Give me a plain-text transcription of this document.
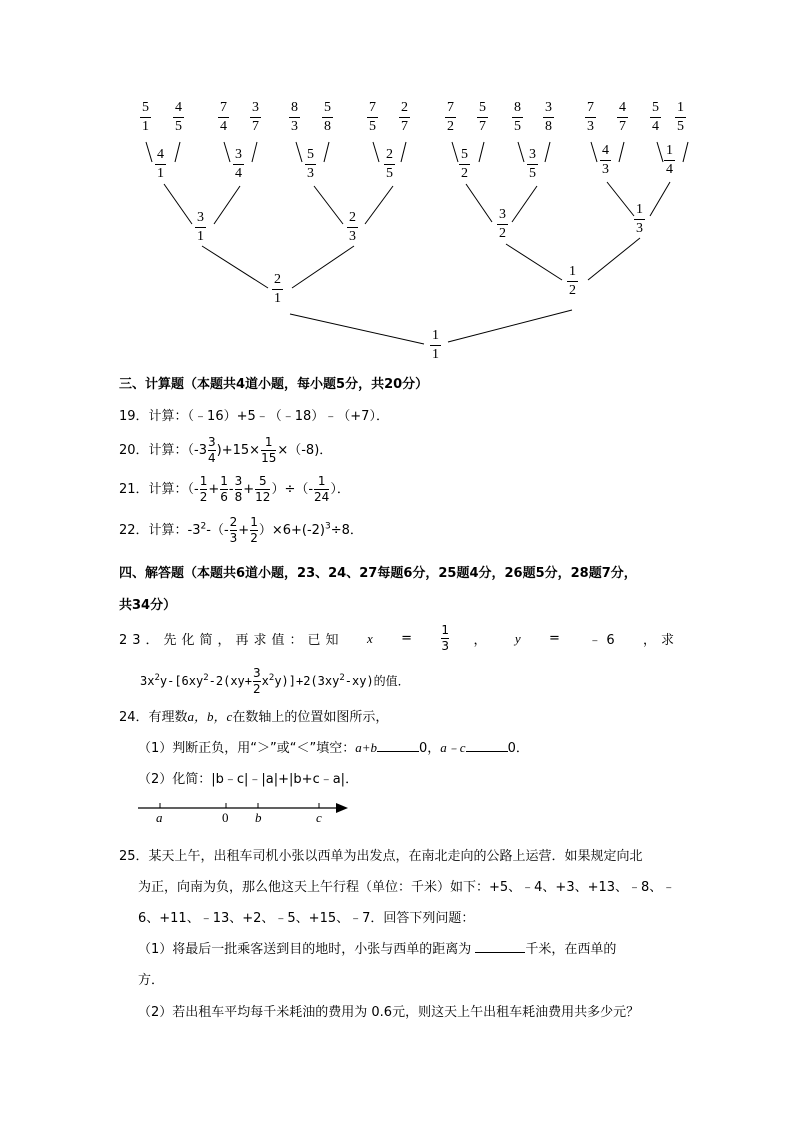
5
1
4
5
7
4
3
7
8
3
5
8
7
5
2
7
7
2
5
7
8
5
3
8
7
3
4
7
5
4
1
5
4
1
3
4
5
3
2
5
5
2
3
5
4
3
1
4
3
1
2
3
3
2
1
3
2
1
1
2
1
1
三、计算题（本题共4道小题，每小题5分，共20分）
19．计算：（﹣16）+5﹣（﹣18）﹣（+7）．
20．计算：$(-3 \frac{3}{4} )+15\times \frac{1}{15} \times(-8)$．
21．计算：（- $\frac{1}{2} + \frac{1}{6} - \frac{3}{8} + \frac{5}{12}$ ）÷（- $\frac{1}{24}$ ）．
22．计算：$-3^2-(- \frac{2}{3} + \frac{1}{2} )\times 6+(-2)^3\div 8$．
四、解答题（本题共6道小题，23、24、27每题6分，25题4分，26题5分，28题7分，
共34分）
23．先化简，再求值：已知 x =
1
3 ， y = ﹣6 ，求
$3x^2y-[6xy^2-2(xy+ \frac{3}{2} x^2y)]+2(3xy^2-xy)$的值．
24．有理数a，b，c在数轴上的位置如图所示，
（1）判断正负，用“＞”或“＜”填空：a+b	0，a﹣c	0．
（2）化简：|b﹣c|﹣|a|+|b+c﹣a|．
a	0 b	c
25．某天上午，出租车司机小张以西单为出发点，在南北走向的公路上运营．如果规定向北
为正，向南为负，那么他这天上午行程（单位：千米）如下：+5、﹣4、+3、+13、﹣8、﹣
6、+11、﹣13、+2、﹣5、+15、﹣7．回答下列问题：
（1）将最后一批乘客送到目的地时，小张与西单的距离为	千米，在西单的
方．
（2）若出租车平均每千米耗油的费用为 0.6元，则这天上午出租车耗油费用共多少元？
